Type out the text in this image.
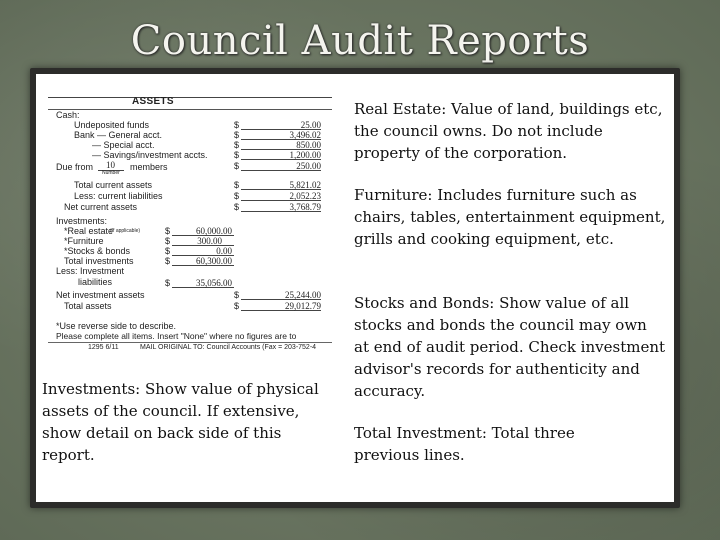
Council Audit Reports
ASSETS
Cash:
Undeposited funds	$	25.00
Bank — General acct.	$	3,496.02
— Special acct.	$	850.00
— Savings/investment accts.	$	1,200.00
Due from 10
Number
members	$	250.00
Total current assets	$	5,821.02
Less: current liabilities	$	2,052.23
Net current assets	$	3,768.79
Investments:
*Real estate
(If applicable)	$	60,000.00
*Furniture	$	300.00
*Stocks & bonds	$	0.00
Total investments	$	60,300.00
Less: Investment
liabilities	$	35,056.00
Net investment assets	$	25,244.00
Total assets	$	29,012.79
*Use reverse side to describe.
Please complete all items. Insert "None" where no figures are to
1295 6/11	MAIL ORIGINAL TO: Council Accounts (Fax = 203-752-4
Real Estate: Value of land, buildings etc, the council owns. Do not include property of the corporation.
Furniture: Includes furniture such as chairs, tables, entertainment equipment, grills and cooking equipment, etc.
Stocks and Bonds: Show value of all stocks and bonds the council may own at end of audit period. Check investment advisor's records for authenticity and accuracy.
Total Investment: Total three previous lines.
Investments: Show value of physical assets of the council. If extensive, show detail on back side of this report.
